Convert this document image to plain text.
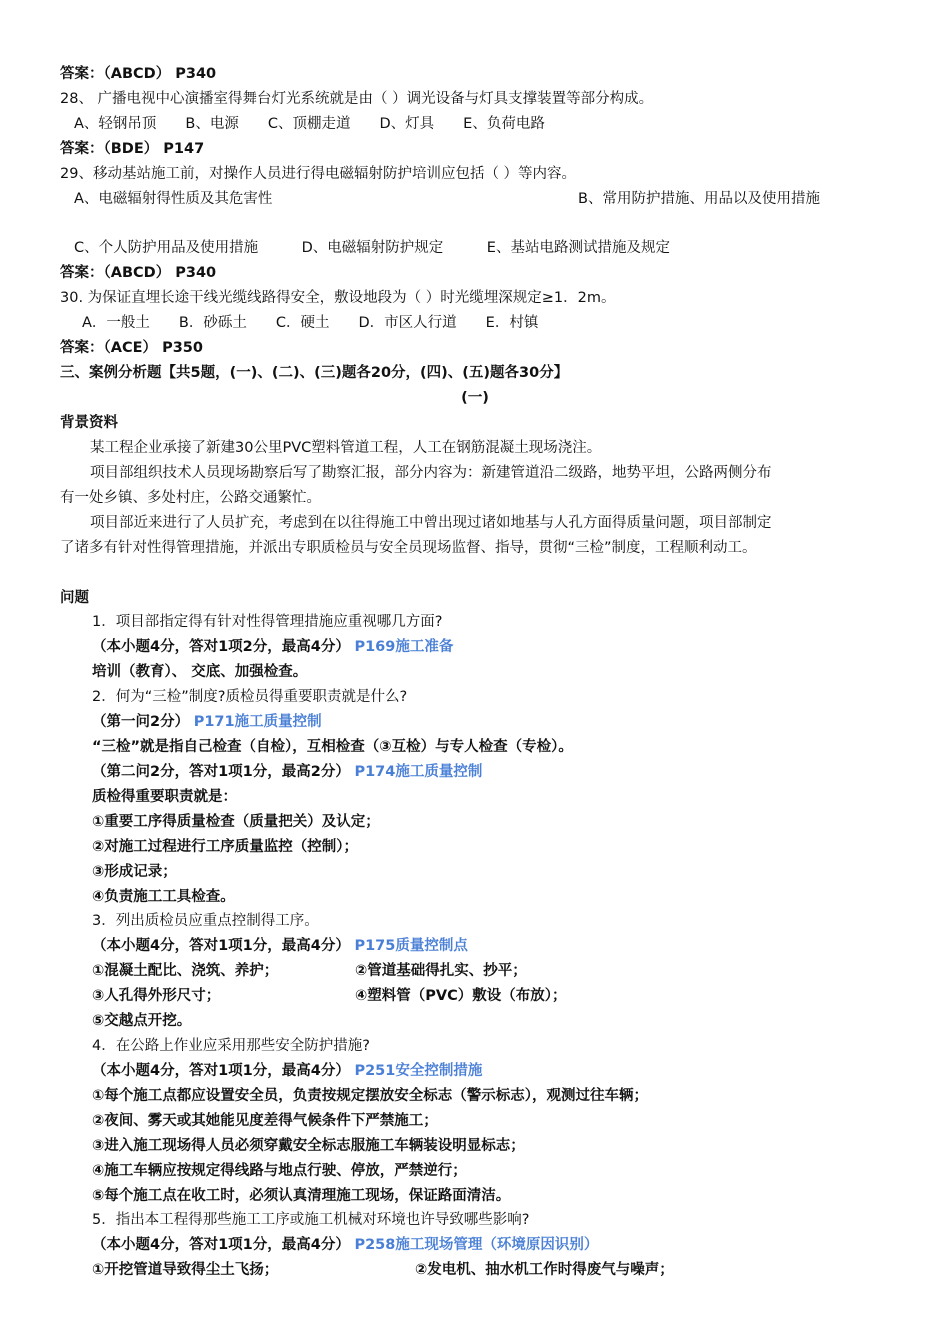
答案：（ABCD） P340
28、 广播电视中心演播室得舞台灯光系统就是由（ ）调光设备与灯具支撑装置等部分构成。
A、轻钢吊顶　　B、电源　　C、顶棚走道　　D、灯具　　E、负荷电路
答案：（BDE） P147
29、移动基站施工前，对操作人员进行得电磁辐射防护培训应包括（ ）等内容。
A、电磁辐射得性质及其危害性	B、常用防护措施、用品以及使用措施
C、个人防护用品及使用措施　　　D、电磁辐射防护规定　　　E、基站电路测试措施及规定
答案：（ABCD） P340
30. 为保证直埋长途干线光缆线路得安全，敷设地段为（ ）时光缆埋深规定≥1．2m。
A．一般土　　B．砂砾土　　C．硬土　　D．市区人行道　　E．村镇
答案：（ACE） P350
三、案例分析题【共5题，(一)、(二)、(三)题各20分，(四)、(五)题各30分】
(一)
背景资料
某工程企业承接了新建30公里PVC塑料管道工程，人工在钢筋混凝土现场浇注。
项目部组织技术人员现场勘察后写了勘察汇报，部分内容为：新建管道沿二级路，地势平坦，公路两侧分布
有一处乡镇、多处村庄，公路交通繁忙。
项目部近来进行了人员扩充，考虑到在以往得施工中曾出现过诸如地基与人孔方面得质量问题，项目部制定
了诸多有针对性得管理措施，并派出专职质检员与安全员现场监督、指导，贯彻“三检”制度，工程顺利动工。
问题
1．项目部指定得有针对性得管理措施应重视哪几方面?
（本小题4分，答对1项2分，最高4分） P169施工准备
培训（教育）、 交底、加强检查。
2．何为“三检”制度?质检员得重要职责就是什么?
（第一问2分） P171施工质量控制
“三检”就是指自己检查（自检），互相检查（③互检）与专人检查（专检）。
（第二问2分，答对1项1分，最高2分） P174施工质量控制
质检得重要职责就是：
①重要工序得质量检查（质量把关）及认定；
②对施工过程进行工序质量监控（控制）；
③形成记录；
④负责施工工具检查。
3．列出质检员应重点控制得工序。
（本小题4分，答对1项1分，最高4分） P175质量控制点
①混凝土配比、浇筑、养护；	②管道基础得扎实、抄平；
③人孔得外形尺寸；	④塑料管（PVC）敷设（布放）；
⑤交越点开挖。
4．在公路上作业应采用那些安全防护措施?
（本小题4分，答对1项1分，最高4分） P251安全控制措施
①每个施工点都应设置安全员，负责按规定摆放安全标志（警示标志），观测过往车辆；
②夜间、雾天或其她能见度差得气候条件下严禁施工；
③进入施工现场得人员必须穿戴安全标志服施工车辆装设明显标志；
④施工车辆应按规定得线路与地点行驶、停放，严禁逆行；
⑤每个施工点在收工时，必须认真清理施工现场，保证路面清洁。
5．指出本工程得那些施工工序或施工机械对环境也许导致哪些影响?
（本小题4分，答对1项1分，最高4分） P258施工现场管理（环境原因识别）
①开挖管道导致得尘土飞扬；	②发电机、抽水机工作时得废气与噪声；
